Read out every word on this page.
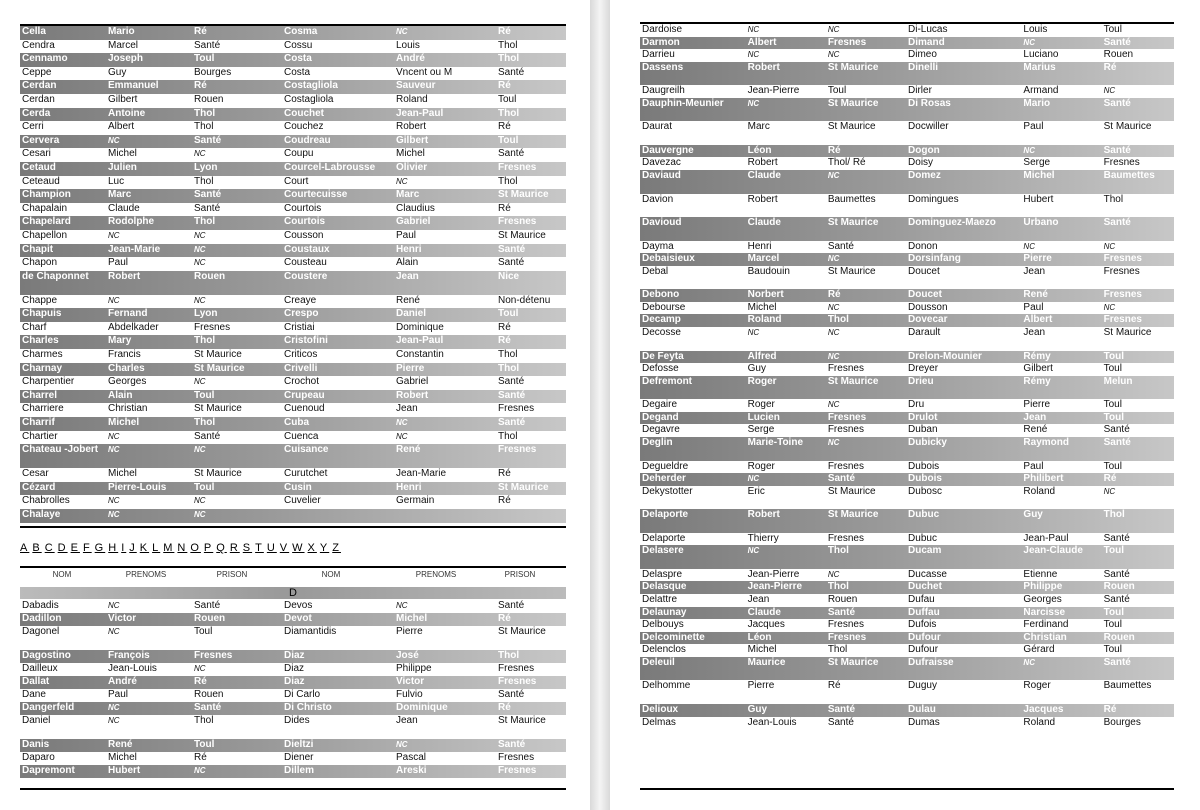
Cella	Mario	Ré	Cosma	NC	Ré
Cendra	Marcel	Santé	Cossu	Louis	Thol
Cennamo	Joseph	Toul	Costa	André	Thol
Ceppe	Guy	Bourges	Costa	Vncent ou M	Santé
Cerdan	Emmanuel	Ré	Costagliola	Sauveur	Ré
Cerdan	Gilbert	Rouen	Costagliola	Roland	Toul
Cerda	Antoine	Thol	Couchet	Jean-Paul	Thol
Cerri	Albert	Thol	Couchez	Robert	Ré
Cervera	NC	Santé	Coudreau	Gilbert	Toul
Cesari	Michel	NC	Coupu	Michel	Santé
Cetaud	Julien	Lyon	Courcel-Labrousse	Olivier	Fresnes
Ceteaud	Luc	Thol	Court	NC	Thol
Champion	Marc	Santé	Courtecuisse	Marc	St Maurice
Chapalain	Claude	Santé	Courtois	Claudius	Ré
Chapelard	Rodolphe	Thol	Courtois	Gabriel	Fresnes
Chapellon	NC	NC	Cousson	Paul	St Maurice
Chapit	Jean-Marie	NC	Coustaux	Henri	Santé
Chapon	Paul	NC	Cousteau	Alain	Santé
de Chaponnet	Robert	Rouen	Coustere	Jean	Nice
Chappe	NC	NC	Creaye	René	Non-détenu
Chapuis	Fernand	Lyon	Crespo	Daniel	Toul
Charf	Abdelkader	Fresnes	Cristiai	Dominique	Ré
Charles	Mary	Thol	Cristofini	Jean-Paul	Ré
Charmes	Francis	St Maurice	Criticos	Constantin	Thol
Charnay	Charles	St Maurice	Crivelli	Pierre	Thol
Charpentier	Georges	NC	Crochot	Gabriel	Santé
Charrel	Alain	Toul	Crupeau	Robert	Santé
Charriere	Christian	St Maurice	Cuenoud	Jean	Fresnes
Charrif	Michel	Thol	Cuba	NC	Santé
Chartier	NC	Santé	Cuenca	NC	Thol
Chateau -Jobert	NC	NC	Cuisance	René	Fresnes
Cesar	Michel	St Maurice	Curutchet	Jean-Marie	Ré
Cézard	Pierre-Louis	Toul	Cusin	Henri	St Maurice
Chabrolles	NC	NC	Cuvelier	Germain	Ré
Chalaye	NC	NC
A B C D E F G H I J K L M N O P Q R S T U V W X Y Z
NOM	PRENOMS	PRISON	NOM	PRENOMS	PRISON
D
Dabadis	NC	Santé	Devos	NC	Santé
Dadillon	Victor	Rouen	Devot	Michel	Ré
Dagonel	NC	Toul	Diamantidis	Pierre	St Maurice
Dagostino	François	Fresnes	Diaz	José	Thol
Dailleux	Jean-Louis	NC	Diaz	Philippe	Fresnes
Dallat	André	Ré	Diaz	Victor	Fresnes
Dane	Paul	Rouen	Di Carlo	Fulvio	Santé
Dangerfeld	NC	Santé	Di Christo	Dominique	Ré
Daniel	NC	Thol	Dides	Jean	St Maurice
Danis	René	Toul	Dieltzi	NC	Santé
Daparo	Michel	Ré	Diener	Pascal	Fresnes
Dapremont	Hubert	NC	Dillem	Areski	Fresnes
Dardoise	NC	NC	Di-Lucas	Louis	Toul
Darmon	Albert	Fresnes	Dimand	NC	Santé
Darrieu	NC	NC	Dimeo	Luciano	Rouen
Dassens	Robert	St Maurice	Dinelli	Marius	Ré
Daugreilh	Jean-Pierre	Toul	Dirler	Armand	NC
Dauphin-Meunier	NC	St Maurice	Di Rosas	Mario	Santé
Daurat	Marc	St Maurice	Docwiller	Paul	St Maurice
Dauvergne	Léon	Ré	Dogon	NC	Santé
Davezac	Robert	Thol/ Ré	Doisy	Serge	Fresnes
Daviaud	Claude	NC	Domez	Michel	Baumettes
Davion	Robert	Baumettes	Domingues	Hubert	Thol
Davioud	Claude	St Maurice	Dominguez-Maezo	Urbano	Santé
Dayma	Henri	Santé	Donon	NC	NC
Debaisieux	Marcel	NC	Dorsinfang	Pierre	Fresnes
Debal	Baudouin	St Maurice	Doucet	Jean	Fresnes
Debono	Norbert	Ré	Doucet	René	Fresnes
Debourse	Michel	NC	Dousson	Paul	NC
Decamp	Roland	Thol	Dovecar	Albert	Fresnes
Decosse	NC	NC	Darault	Jean	St Maurice
De Feyta	Alfred	NC	Drelon-Mounier	Rémy	Toul
Defosse	Guy	Fresnes	Dreyer	Gilbert	Toul
Defremont	Roger	St Maurice	Drieu	Rémy	Melun
Degaire	Roger	NC	Dru	Pierre	Toul
Degand	Lucien	Fresnes	Drulot	Jean	Toul
Degavre	Serge	Fresnes	Duban	René	Santé
Deglin	Marie-Toine	NC	Dubicky	Raymond	Santé
Degueldre	Roger	Fresnes	Dubois	Paul	Toul
Deherder	NC	Santé	Dubois	Philibert	Ré
Dekystotter	Eric	St Maurice	Dubosc	Roland	NC
Delaporte	Robert	St Maurice	Dubuc	Guy	Thol
Delaporte	Thierry	Fresnes	Dubuc	Jean-Paul	Santé
Delasere	NC	Thol	Ducam	Jean-Claude	Toul
Delaspre	Jean-Pierre	NC	Ducasse	Etienne	Santé
Delasque	Jean-Pierre	Thol	Duchet	Philippe	Rouen
Delattre	Jean	Rouen	Dufau	Georges	Santé
Delaunay	Claude	Santé	Duffau	Narcisse	Toul
Delbouys	Jacques	Fresnes	Dufois	Ferdinand	Toul
Delcominette	Léon	Fresnes	Dufour	Christian	Rouen
Delenclos	Michel	Thol	Dufour	Gérard	Toul
Deleuil	Maurice	St Maurice	Dufraisse	NC	Santé
Delhomme	Pierre	Ré	Duguy	Roger	Baumettes
Delioux	Guy	Santé	Dulau	Jacques	Ré
Delmas	Jean-Louis	Santé	Dumas	Roland	Bourges
